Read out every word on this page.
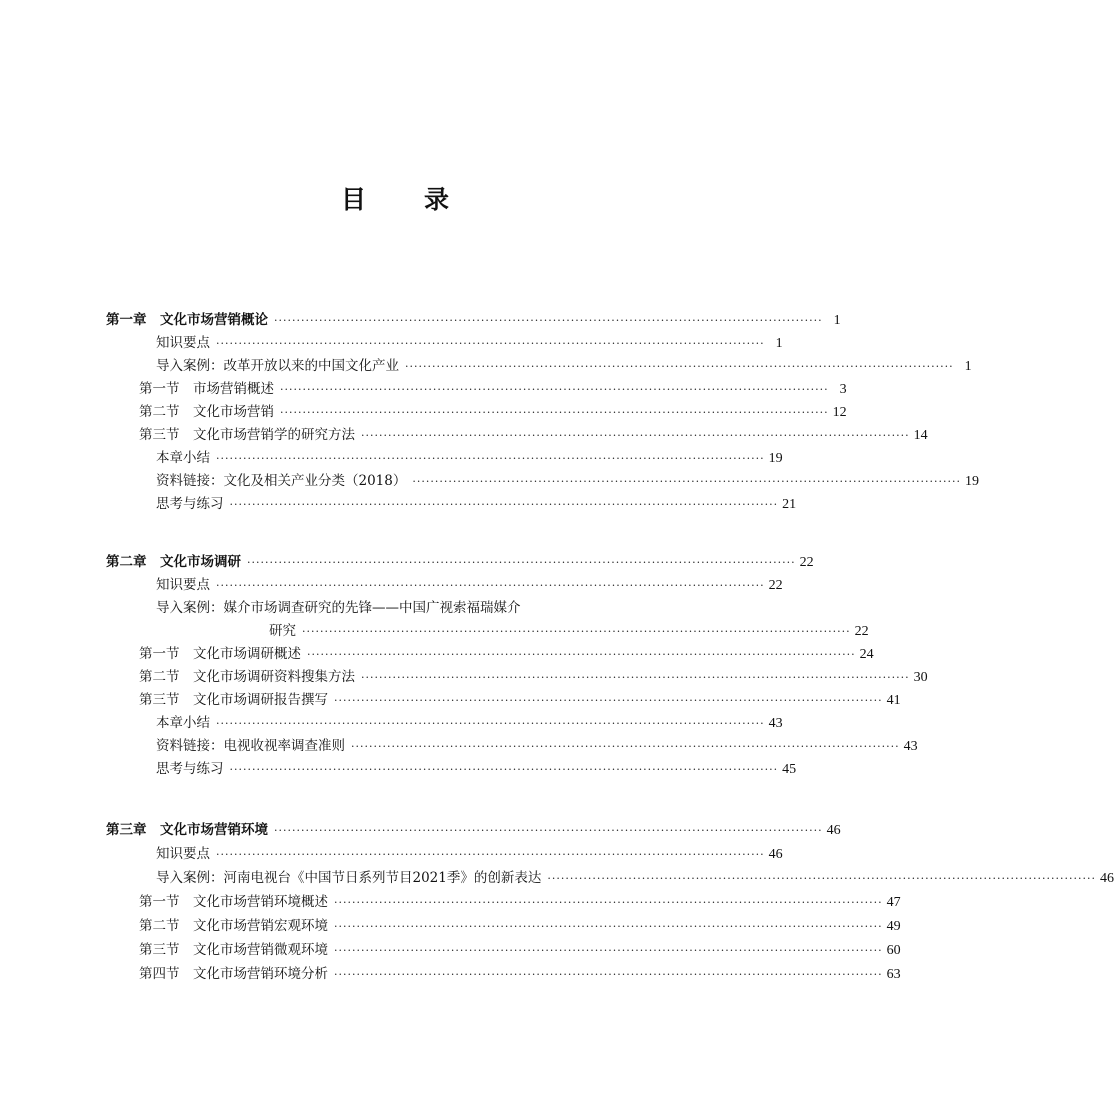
目 录
第一章　文化市场营销概论 ·························································································································· 1
知识要点 ·························································································································· 1
导入案例：改革开放以来的中国文化产业 ·························································································································· 1
第一节　市场营销概述 ·························································································································· 3
第二节　文化市场营销 ·························································································································· 12
第三节　文化市场营销学的研究方法 ·························································································································· 14
本章小结 ·························································································································· 19
资料链接：文化及相关产业分类（2018） ·························································································································· 19
思考与练习 ·························································································································· 21
第二章　文化市场调研 ·························································································································· 22
知识要点 ·························································································································· 22
导入案例：媒介市场调查研究的先锋——中国广视索福瑞媒介
研究 ·························································································································· 22
第一节　文化市场调研概述 ·························································································································· 24
第二节　文化市场调研资料搜集方法 ·························································································································· 30
第三节　文化市场调研报告撰写 ·························································································································· 41
本章小结 ·························································································································· 43
资料链接：电视收视率调查准则 ·························································································································· 43
思考与练习 ·························································································································· 45
第三章　文化市场营销环境 ·························································································································· 46
知识要点 ·························································································································· 46
导入案例：河南电视台《中国节日系列节目2021季》的创新表达 ·························································································································· 46
第一节　文化市场营销环境概述 ·························································································································· 47
第二节　文化市场营销宏观环境 ·························································································································· 49
第三节　文化市场营销微观环境 ·························································································································· 60
第四节　文化市场营销环境分析 ·························································································································· 63
